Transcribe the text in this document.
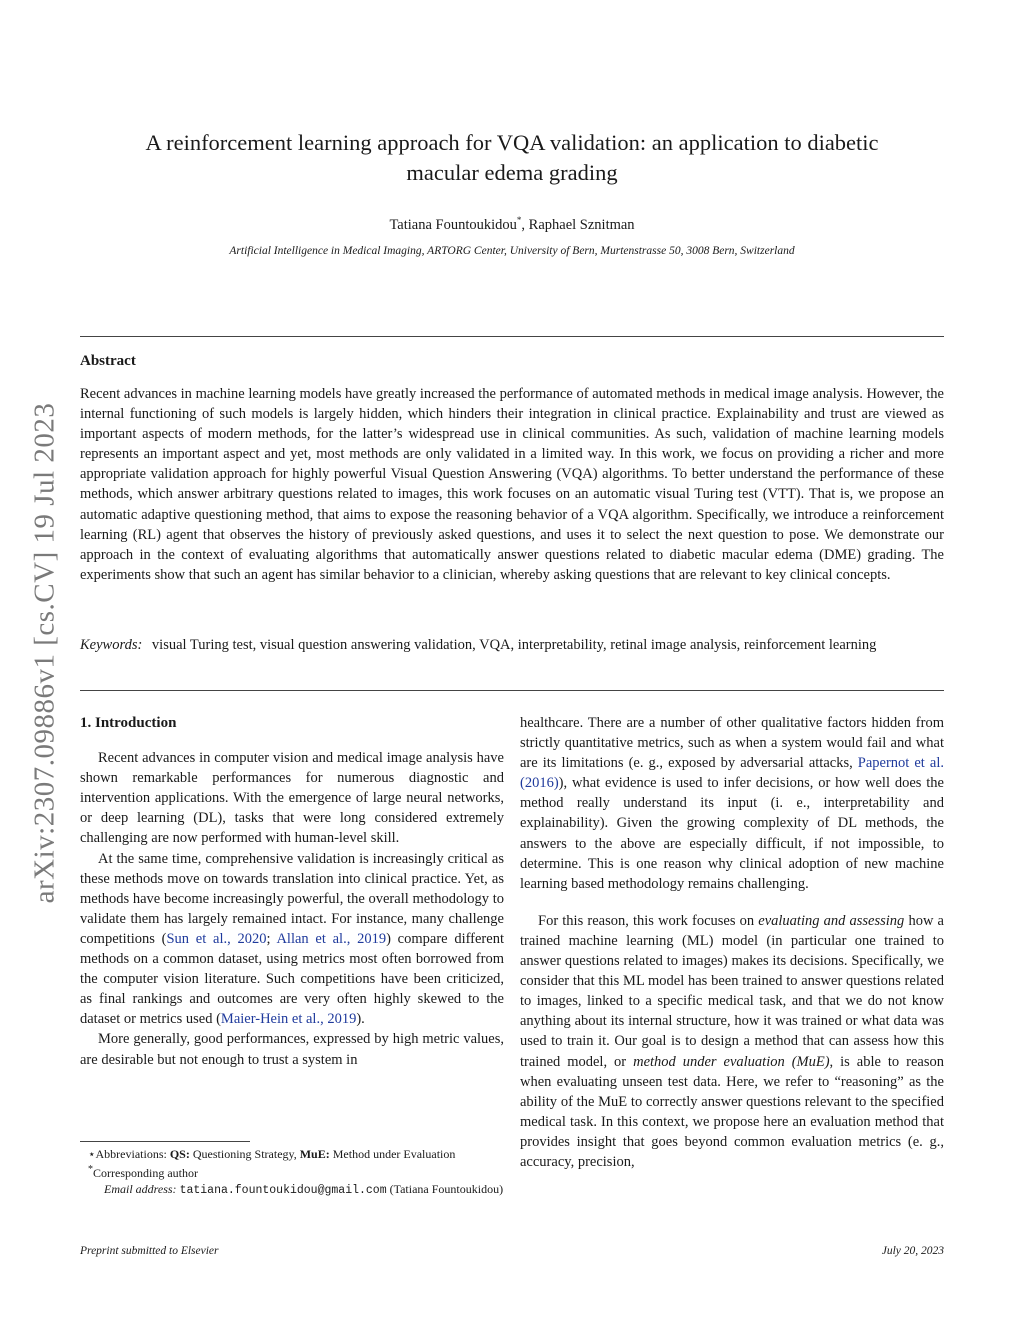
arXiv:2307.09886v1 [cs.CV] 19 Jul 2023
A reinforcement learning approach for VQA validation: an application to diabetic
macular edema grading
Tatiana Fountoukidou*, Raphael Sznitman
Artificial Intelligence in Medical Imaging, ARTORG Center, University of Bern, Murtenstrasse 50, 3008 Bern, Switzerland
Abstract
Recent advances in machine learning models have greatly increased the performance of automated methods in medical image analysis. However, the internal functioning of such models is largely hidden, which hinders their integration in clinical practice. Explainability and trust are viewed as important aspects of modern methods, for the latter’s widespread use in clinical communities. As such, validation of machine learning models represents an important aspect and yet, most methods are only validated in a limited way. In this work, we focus on providing a richer and more appropriate validation approach for highly powerful Visual Question Answering (VQA) algorithms. To better understand the performance of these methods, which answer arbitrary questions related to images, this work focuses on an automatic visual Turing test (VTT). That is, we propose an automatic adaptive questioning method, that aims to expose the reasoning behavior of a VQA algorithm. Specifically, we introduce a reinforcement learning (RL) agent that observes the history of previously asked questions, and uses it to select the next question to pose. We demonstrate our approach in the context of evaluating algorithms that automatically answer questions related to diabetic macular edema (DME) grading. The experiments show that such an agent has similar behavior to a clinician, whereby asking questions that are relevant to key clinical concepts.
Keywords: visual Turing test, visual question answering validation, VQA, interpretability, retinal image analysis, reinforcement learning

1. Introduction

Recent advances in computer vision and medical image analysis have shown remarkable performances for numerous diagnostic and intervention applications. With the emergence of large neural networks, or deep learning (DL), tasks that were long considered extremely challenging are now performed with human-level skill.

At the same time, comprehensive validation is increasingly critical as these methods move on towards translation into clinical practice. Yet, as methods have become increasingly powerful, the overall methodology to validate them has largely remained intact. For instance, many challenge competitions (Sun et al., 2020; Allan et al., 2019) compare different methods on a common dataset, using metrics most often borrowed from the computer vision literature. Such competitions have been criticized, as final rankings and outcomes are very often highly skewed to the dataset or metrics used (Maier-Hein et al., 2019).

More generally, good performances, expressed by high metric values, are desirable but not enough to trust a system in

healthcare. There are a number of other qualitative factors hidden from strictly quantitative metrics, such as when a system would fail and what are its limitations (e. g., exposed by adversarial attacks, Papernot et al. (2016)), what evidence is used to infer decisions, or how well does the method really understand its input (i. e., interpretability and explainability). Given the growing complexity of DL methods, the answers to the above are especially difficult, if not impossible, to determine. This is one reason why clinical adoption of new machine learning based methodology remains challenging.

For this reason, this work focuses on evaluating and assessing how a trained machine learning (ML) model (in particular one trained to answer questions related to images) makes its decisions. Specifically, we consider that this ML model has been trained to answer questions related to images, linked to a specific medical task, and that we do not know anything about its internal structure, how it was trained or what data was used to train it. Our goal is to design a method that can assess how this trained model, or method under evaluation (MuE), is able to reason when evaluating unseen test data. Here, we refer to “reasoning” as the ability of the MuE to correctly answer questions relevant to the specified medical task. In this context, we propose here an evaluation method that provides insight that goes beyond common evaluation metrics (e. g., accuracy, precision,

⋆Abbreviations: QS: Questioning Strategy, MuE: Method under Evaluation

*Corresponding author

Email address: tatiana.fountoukidou@gmail.com (Tatiana Fountoukidou)

Preprint submitted to Elsevier	July 20, 2023
